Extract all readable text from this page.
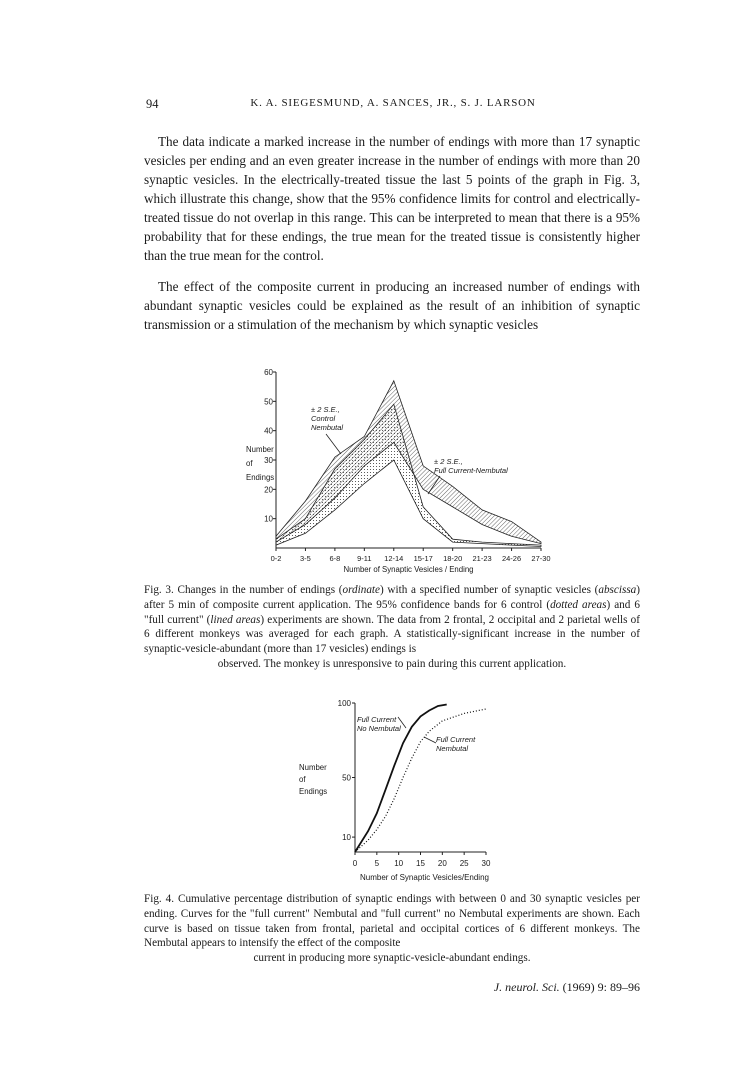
94	K. A. SIEGESMUND, A. SANCES, JR., S. J. LARSON

The data indicate a marked increase in the number of endings with more than 17 synaptic vesicles per ending and an even greater increase in the number of endings with more than 20 synaptic vesicles. In the electrically-treated tissue the last 5 points of the graph in Fig. 3, which illustrate this change, show that the 95% confidence limits for control and electrically-treated tissue do not overlap in this range. This can be interpreted to mean that there is a 95% probability that for these endings, the true mean for the treated tissue is consistently higher than the true mean for the control.

The effect of the composite current in producing an increased number of endings with abundant synaptic vesicles could be explained as the result of an inhibition of synaptic transmission or a stimulation of the mechanism by which synaptic vesicles

10
20
30
40
50
60
0-2 3-5 6-8 9-11 12-14 15-17 18-20 21-23 24-26 27-30
Number of Synaptic Vesicles / Ending
Number
of
Endings
± 2 S.E.,
Control
Nembutal
± 2 S.E.,
Full Current-Nembutal
10
50
100
0 5 10 15 20 25 30
Number of Synaptic Vesicles/Ending
Number
of
Endings
Full Current
No Nembutal
Full Current
Nembutal

Fig. 3. Changes in the number of endings (ordinate) with a specified number of synaptic vesicles (abscissa) after 5 min of composite current application. The 95% confidence bands for 6 control (dotted areas) and 6 "full current" (lined areas) experiments are shown. The data from 2 frontal, 2 occipital and 2 parietal wells of 6 different monkeys was averaged for each graph. A statistically-significant increase in the number of synaptic-vesicle-abundant (more than 17 vesicles) endings is
observed. The monkey is unresponsive to pain during this current application.

Fig. 4. Cumulative percentage distribution of synaptic endings with between 0 and 30 synaptic vesicles per ending. Curves for the "full current" Nembutal and "full current" no Nembutal experiments are shown. Each curve is based on tissue taken from frontal, parietal and occipital cortices of 6 different monkeys. The Nembutal appears to intensify the effect of the composite
current in producing more synaptic-vesicle-abundant endings.

J. neurol. Sci. (1969) 9: 89–96
